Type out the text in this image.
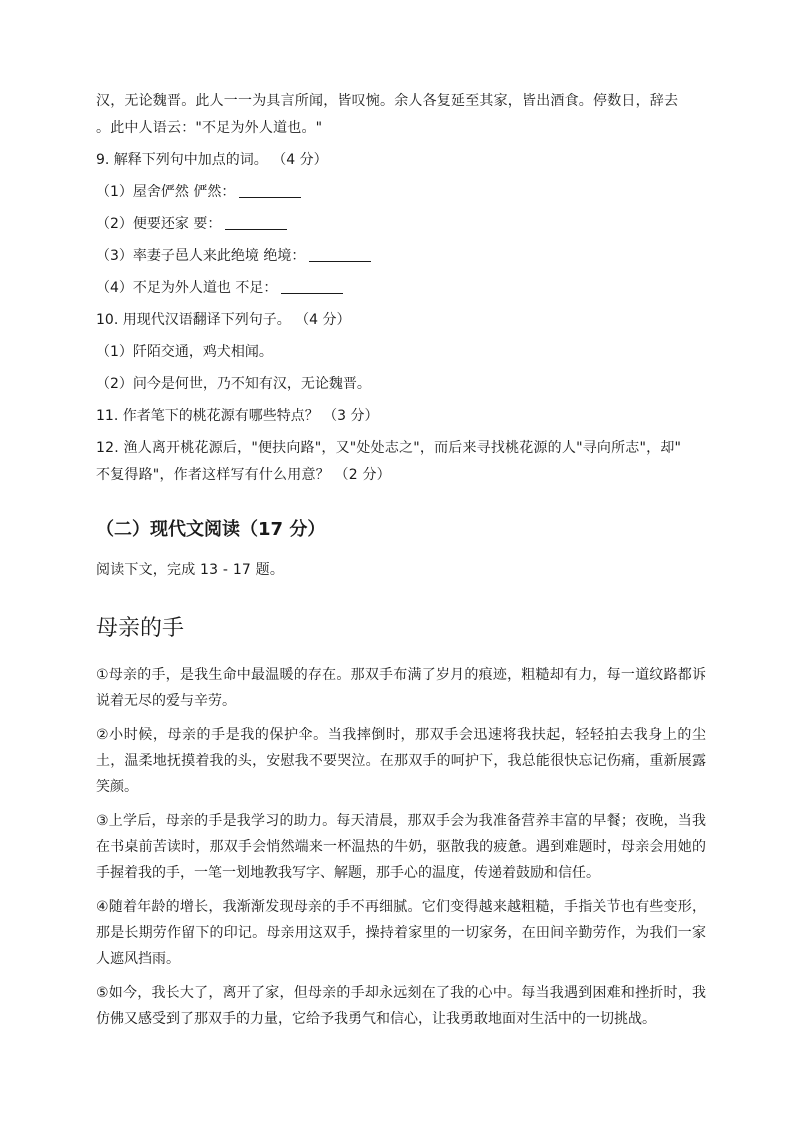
汉，无论魏晋。此人一一为具言所闻，皆叹惋。余人各复延至其家，皆出酒食。停数日，辞去

。此中人语云："不足为外人道也。"

9. 解释下列句中加点的词。 （4 分）

（1）屋舍俨然 俨然：

（2）便要还家 要：

（3）率妻子邑人来此绝境 绝境：

（4）不足为外人道也 不足：

10. 用现代汉语翻译下列句子。 （4 分）

（1）阡陌交通，鸡犬相闻。

（2）问今是何世，乃不知有汉，无论魏晋。

11. 作者笔下的桃花源有哪些特点？ （3 分）

12. 渔人离开桃花源后，"便扶向路"，又"处处志之"，而后来寻找桃花源的人"寻向所志"，却"

不复得路"，作者这样写有什么用意？ （2 分）

（二）现代文阅读（17 分）

阅读下文，完成 13 - 17 题。

母亲的手

①母亲的手，是我生命中最温暖的存在。那双手布满了岁月的痕迹，粗糙却有力，每一道纹路都诉说着无尽的爱与辛劳。

②小时候，母亲的手是我的保护伞。当我摔倒时，那双手会迅速将我扶起，轻轻拍去我身上的尘土，温柔地抚摸着我的头，安慰我不要哭泣。在那双手的呵护下，我总能很快忘记伤痛，重新展露笑颜。

③上学后，母亲的手是我学习的助力。每天清晨，那双手会为我准备营养丰富的早餐；夜晚，当我在书桌前苦读时，那双手会悄然端来一杯温热的牛奶，驱散我的疲惫。遇到难题时，母亲会用她的手握着我的手，一笔一划地教我写字、解题，那手心的温度，传递着鼓励和信任。

④随着年龄的增长，我渐渐发现母亲的手不再细腻。它们变得越来越粗糙，手指关节也有些变形，那是长期劳作留下的印记。母亲用这双手，操持着家里的一切家务，在田间辛勤劳作，为我们一家人遮风挡雨。

⑤如今，我长大了，离开了家，但母亲的手却永远刻在了我的心中。每当我遇到困难和挫折时，我仿佛又感受到了那双手的力量，它给予我勇气和信心，让我勇敢地面对生活中的一切挑战。
